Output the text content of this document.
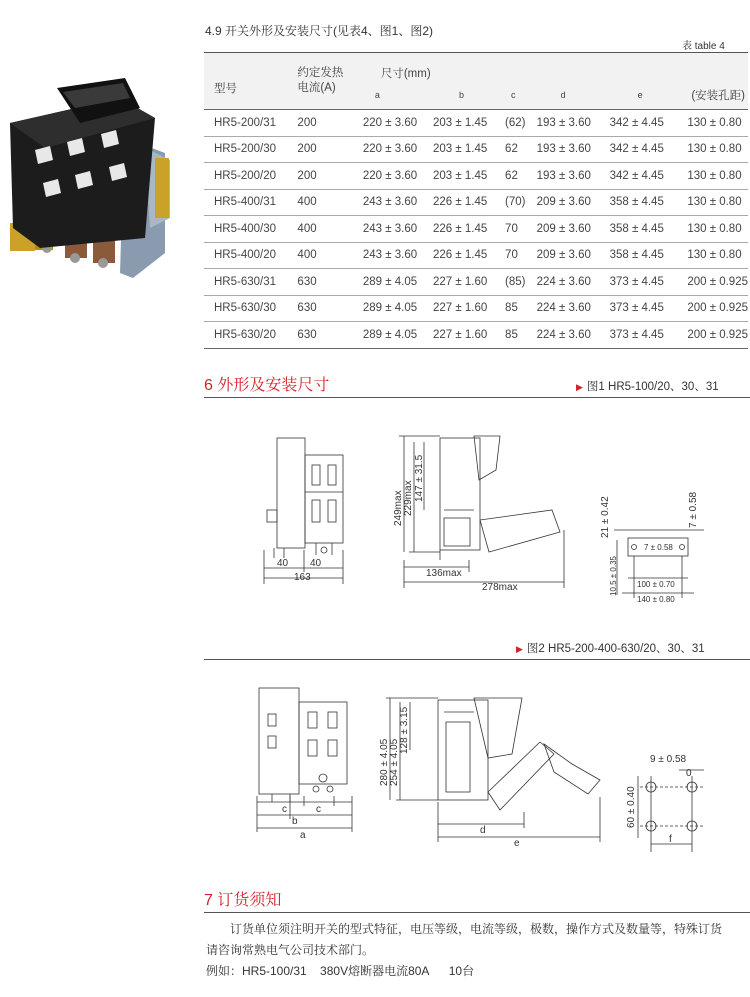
4.9 开关外形及安装尺寸(见表4、图1、图2)
表 table 4
型号	约定发热
电流(A)	尺寸(mm)					
		a	b	c	d	e	(安装孔距)
HR5-200/31	200	220 ± 3.60	203 ± 1.45	(62)	193 ± 3.60	342 ± 4.45	130 ± 0.80
HR5-200/30	200	220 ± 3.60	203 ± 1.45	62	193 ± 3.60	342 ± 4.45	130 ± 0.80
HR5-200/20	200	220 ± 3.60	203 ± 1.45	62	193 ± 3.60	342 ± 4.45	130 ± 0.80
HR5-400/31	400	243 ± 3.60	226 ± 1.45	(70)	209 ± 3.60	358 ± 4.45	130 ± 0.80
HR5-400/30	400	243 ± 3.60	226 ± 1.45	70	209 ± 3.60	358 ± 4.45	130 ± 0.80
HR5-400/20	400	243 ± 3.60	226 ± 1.45	70	209 ± 3.60	358 ± 4.45	130 ± 0.80
HR5-630/31	630	289 ± 4.05	227 ± 1.60	(85)	224 ± 3.60	373 ± 4.45	200 ± 0.925
HR5-630/30	630	289 ± 4.05	227 ± 1.60	85	224 ± 3.60	373 ± 4.45	200 ± 0.925
HR5-630/20	630	289 ± 4.05	227 ± 1.60	85	224 ± 3.60	373 ± 4.45	200 ± 0.925
6 外形及安装尺寸	▶ 图1 HR5-100/20、30、31
40 40
163
249max 229max 147 ± 31.5
136max
278max
21 ± 0.42	7 ± 0.58
7 ± 0.58
10.5 ± 0.35 100 ± 0.70
140 ± 0.80
▶ 图2 HR5-200-400-630/20、30、31
c	c
b
a
280 ± 4.05 254 ± 4.05
128 ± 3.15
d
e
9 ± 0.58
0
60 ± 0.40
f
7 订货须知
订货单位须注明开关的型式特征，电压等级，电流等级，极数，操作方式及数量等，特殊订货
请咨询常熟电气公司技术部门。
例如：HR5-100/31    380V熔断器电流80A      10台
